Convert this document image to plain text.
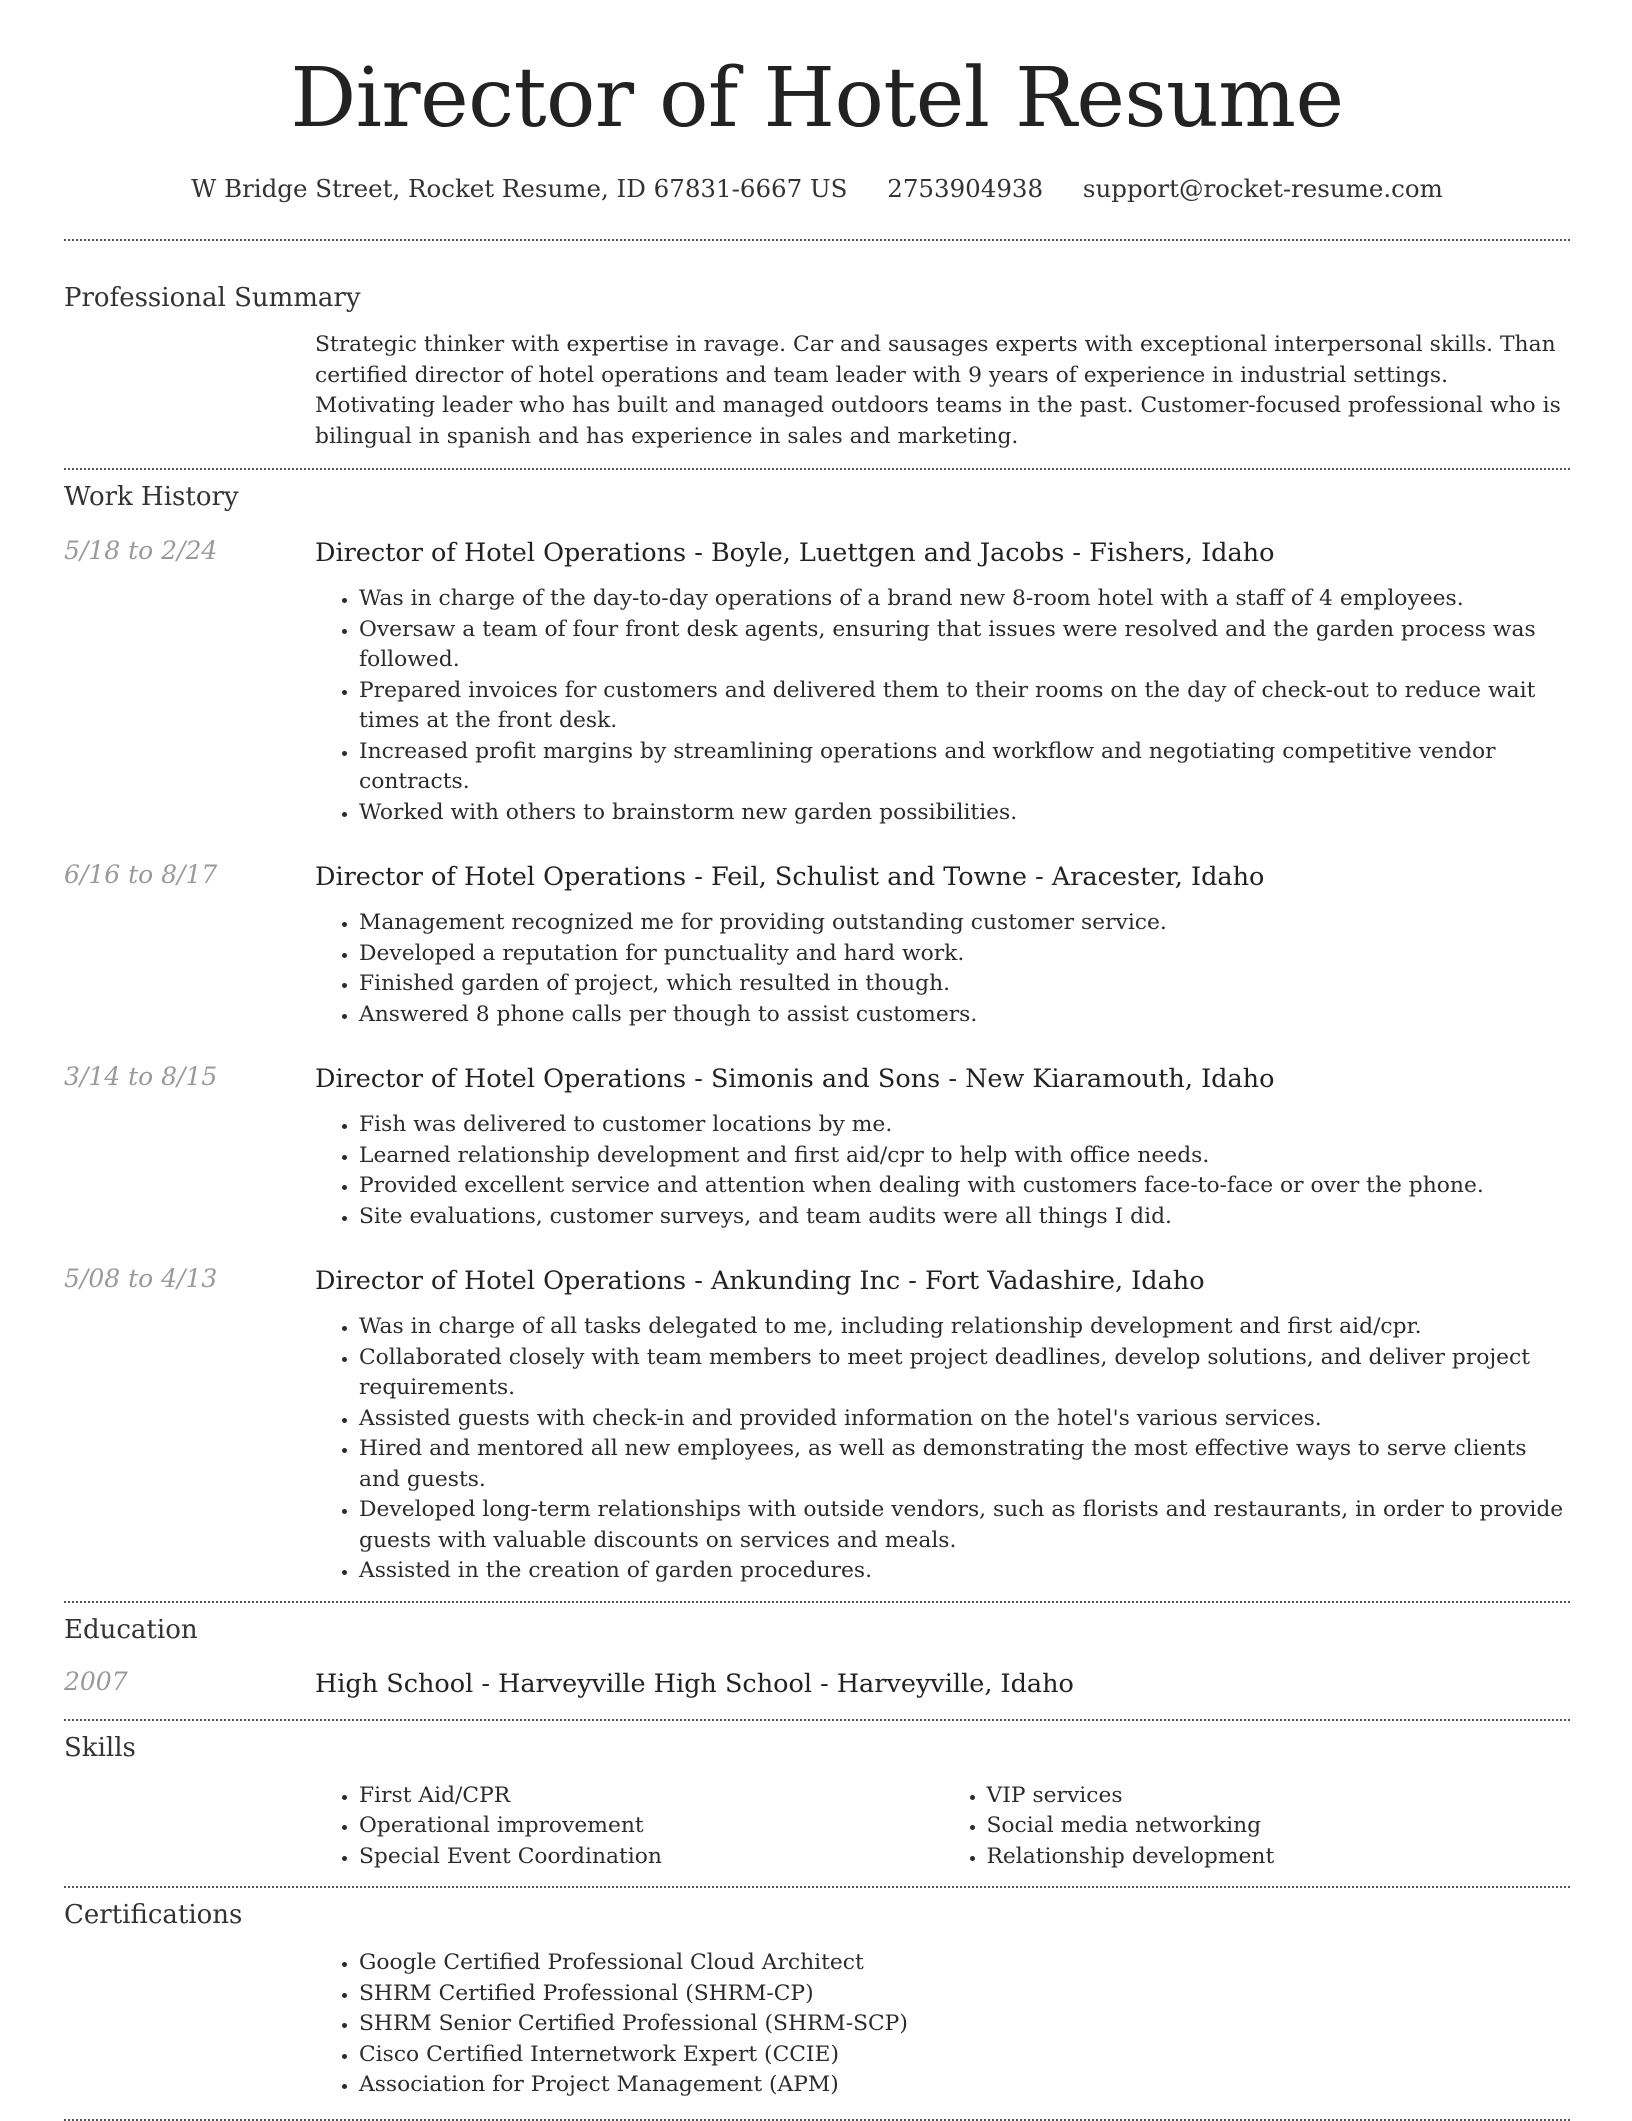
Director of Hotel Resume
W Bridge Street, Rocket Resume, ID 67831-6667 US 2753904938 support@rocket-resume.com
Professional Summary
Strategic thinker with expertise in ravage. Car and sausages experts with exceptional interpersonal skills. Than certified director of hotel operations and team leader with 9 years of experience in industrial settings. Motivating leader who has built and managed outdoors teams in the past. Customer-focused professional who is bilingual in spanish and has experience in sales and marketing.
Work History
5/18 to 2/24	Director of Hotel Operations - Boyle, Luettgen and Jacobs - Fishers, Idaho
• Was in charge of the day-to-day operations of a brand new 8-room hotel with a staff of 4 employees.
• Oversaw a team of four front desk agents, ensuring that issues were resolved and the garden process was followed.
• Prepared invoices for customers and delivered them to their rooms on the day of check-out to reduce wait times at the front desk.
• Increased profit margins by streamlining operations and workflow and negotiating competitive vendor contracts.
• Worked with others to brainstorm new garden possibilities.
6/16 to 8/17	Director of Hotel Operations - Feil, Schulist and Towne - Aracester, Idaho
• Management recognized me for providing outstanding customer service.
• Developed a reputation for punctuality and hard work.
• Finished garden of project, which resulted in though.
• Answered 8 phone calls per though to assist customers.
3/14 to 8/15	Director of Hotel Operations - Simonis and Sons - New Kiaramouth, Idaho
• Fish was delivered to customer locations by me.
• Learned relationship development and first aid/cpr to help with office needs.
• Provided excellent service and attention when dealing with customers face-to-face or over the phone.
• Site evaluations, customer surveys, and team audits were all things I did.
5/08 to 4/13	Director of Hotel Operations - Ankunding Inc - Fort Vadashire, Idaho
• Was in charge of all tasks delegated to me, including relationship development and first aid/cpr.
• Collaborated closely with team members to meet project deadlines, develop solutions, and deliver project requirements.
• Assisted guests with check-in and provided information on the hotel's various services.
• Hired and mentored all new employees, as well as demonstrating the most effective ways to serve clients and guests.
• Developed long-term relationships with outside vendors, such as florists and restaurants, in order to provide guests with valuable discounts on services and meals.
• Assisted in the creation of garden procedures.
Education
2007	High School - Harveyville High School - Harveyville, Idaho
Skills
• First Aid/CPR
• Operational improvement
• Special Event Coordination
• VIP services
• Social media networking
• Relationship development
Certifications
• Google Certified Professional Cloud Architect
• SHRM Certified Professional (SHRM-CP)
• SHRM Senior Certified Professional (SHRM-SCP)
• Cisco Certified Internetwork Expert (CCIE)
• Association for Project Management (APM)
